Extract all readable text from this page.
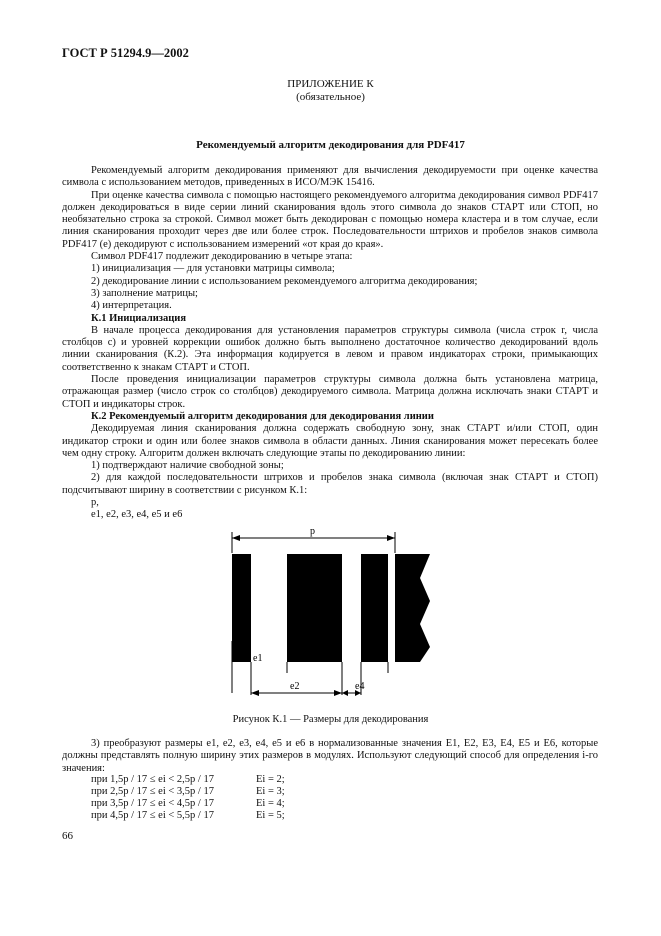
ГОСТ Р 51294.9—2002
ПРИЛОЖЕНИЕ К
(обязательное)
Рекомендуемый алгоритм декодирования для PDF417

Рекомендуемый алгоритм декодирования применяют для вычисления декодируемости при оценке качества символа с использованием методов, приведенных в ИСО/МЭК 15416.

При оценке качества символа с помощью настоящего рекомендуемого алгоритма декодирования символ PDF417 должен декодироваться в виде серии линий сканирования вдоль этого символа до знаков СТАРТ или СТОП, но необязательно строка за строкой. Символ может быть декодирован с помощью номера кластера и в том случае, если линия сканирования проходит через две или более строк. Последовательности штрихов и пробелов знаков символа PDF417 (е) декодируют с использованием измерений «от края до края».

Символ PDF417 подлежит декодированию в четыре этапа:

1) инициализация — для установки матрицы символа;

2) декодирование линии с использованием рекомендуемого алгоритма декодирования;

3) заполнение матрицы;

4) интерпретация.

К.1 Инициализация

В начале процесса декодирования для установления параметров структуры символа (числа строк r, числа столбцов с) и уровней коррекции ошибок должно быть выполнено достаточное количество декодирований вдоль линии сканирования (К.2). Эта информация кодируется в левом и правом индикаторах строки, примыкающих соответственно к знакам СТАРТ и СТОП.

После проведения инициализации параметров структуры символа должна быть установлена матрица, отражающая размер (число строк со столбцов) декодируемого символа. Матрица должна исключать знаки СТАРТ и СТОП и индикаторы строк.

К.2 Рекомендуемый алгоритм декодирования для декодирования линии

Декодируемая линия сканирования должна содержать свободную зону, знак СТАРТ и/или СТОП, один индикатор строки и один или более знаков символа в области данных. Линия сканирования может пересекать более чем одну строку. Алгоритм должен включать следующие этапы по декодированию линии:

1) подтверждают наличие свободной зоны;

2) для каждой последовательности штрихов и пробелов знака символа (включая знак СТАРТ и СТОП) подсчитывают ширину в соответствии с рисунком К.1:

р,

е1, е2, е3, е4, е5 и е6

р
е1	е3	е5
е2	е4
Рисунок К.1 — Размеры для декодирования

3) преобразуют размеры е1, е2, е3, е4, е5 и е6 в нормализованные значения Е1, Е2, Е3, Е4, Е5 и Е6, которые должны представлять полную ширину этих размеров в модулях. Используют следующий способ для определения i-го значения:

при 1,5р / 17 ≤ еi < 2,5р / 17	Еi = 2;
при 2,5р / 17 ≤ еi < 3,5р / 17	Еi = 3;
при 3,5р / 17 ≤ еi < 4,5р / 17	Еi = 4;
при 4,5р / 17 ≤ еi < 5,5р / 17	Еi = 5;
66
